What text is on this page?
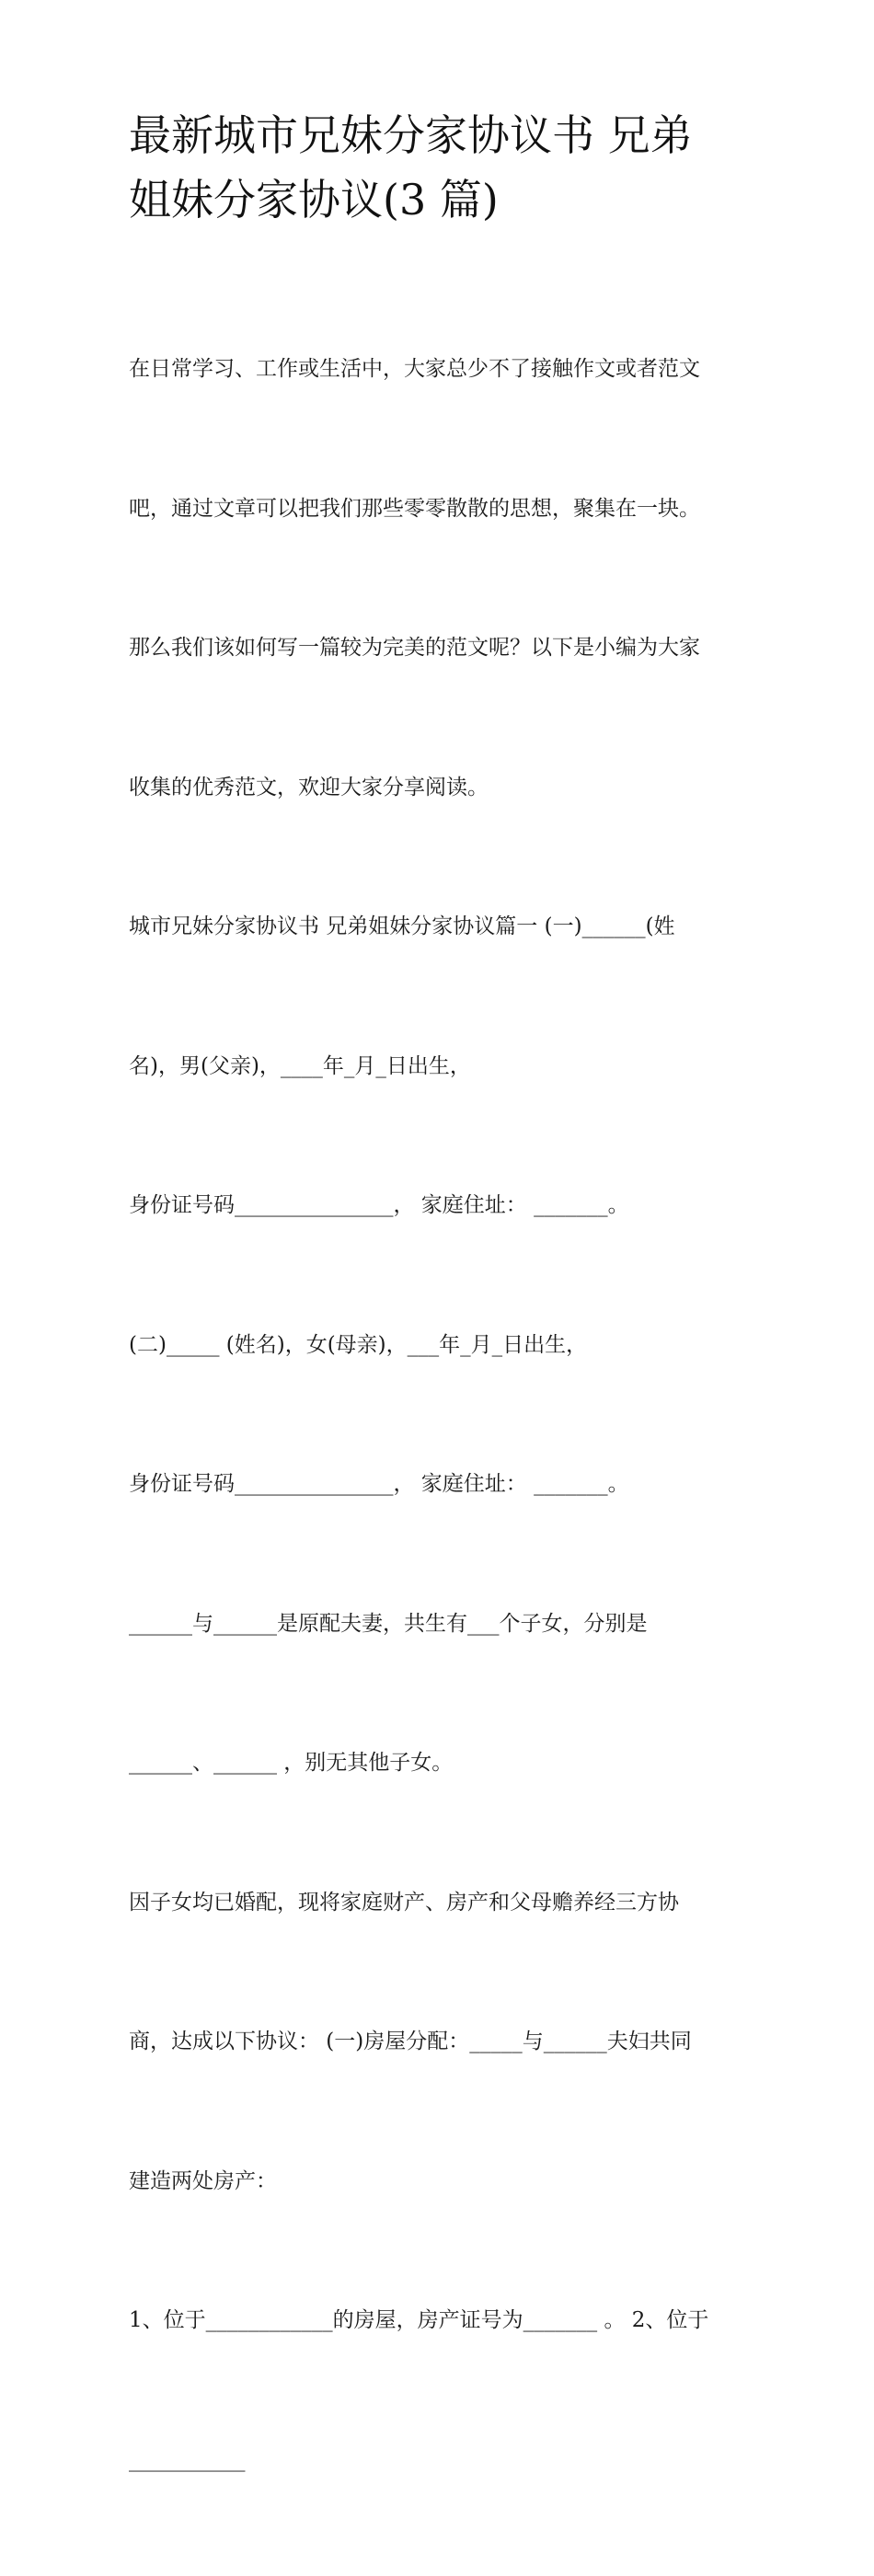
最新城市兄妹分家协议书 兄弟
姐妹分家协议(3 篇)

在日常学习、工作或生活中，大家总少不了接触作文或者范文

吧，通过文章可以把我们那些零零散散的思想，聚集在一块。

那么我们该如何写一篇较为完美的范文呢？以下是小编为大家

收集的优秀范文，欢迎大家分享阅读。

城市兄妹分家协议书 兄弟姐妹分家协议篇一 (一)______(姓

名)，男(父亲)，____年_月_日出生，

身份证号码_______________， 家庭住址： _______。

(二)_____ (姓名)，女(母亲)，___年_月_日出生，

身份证号码_______________， 家庭住址： _______。

______与______是原配夫妻，共生有___个子女，分别是

______、______ ，别无其他子女。

因子女均已婚配，现将家庭财产、房产和父母赡养经三方协

商，达成以下协议： (一)房屋分配：_____与______夫妇共同

建造两处房产：

1、位于____________的房屋，房产证号为_______ 。 2、位于

___________
